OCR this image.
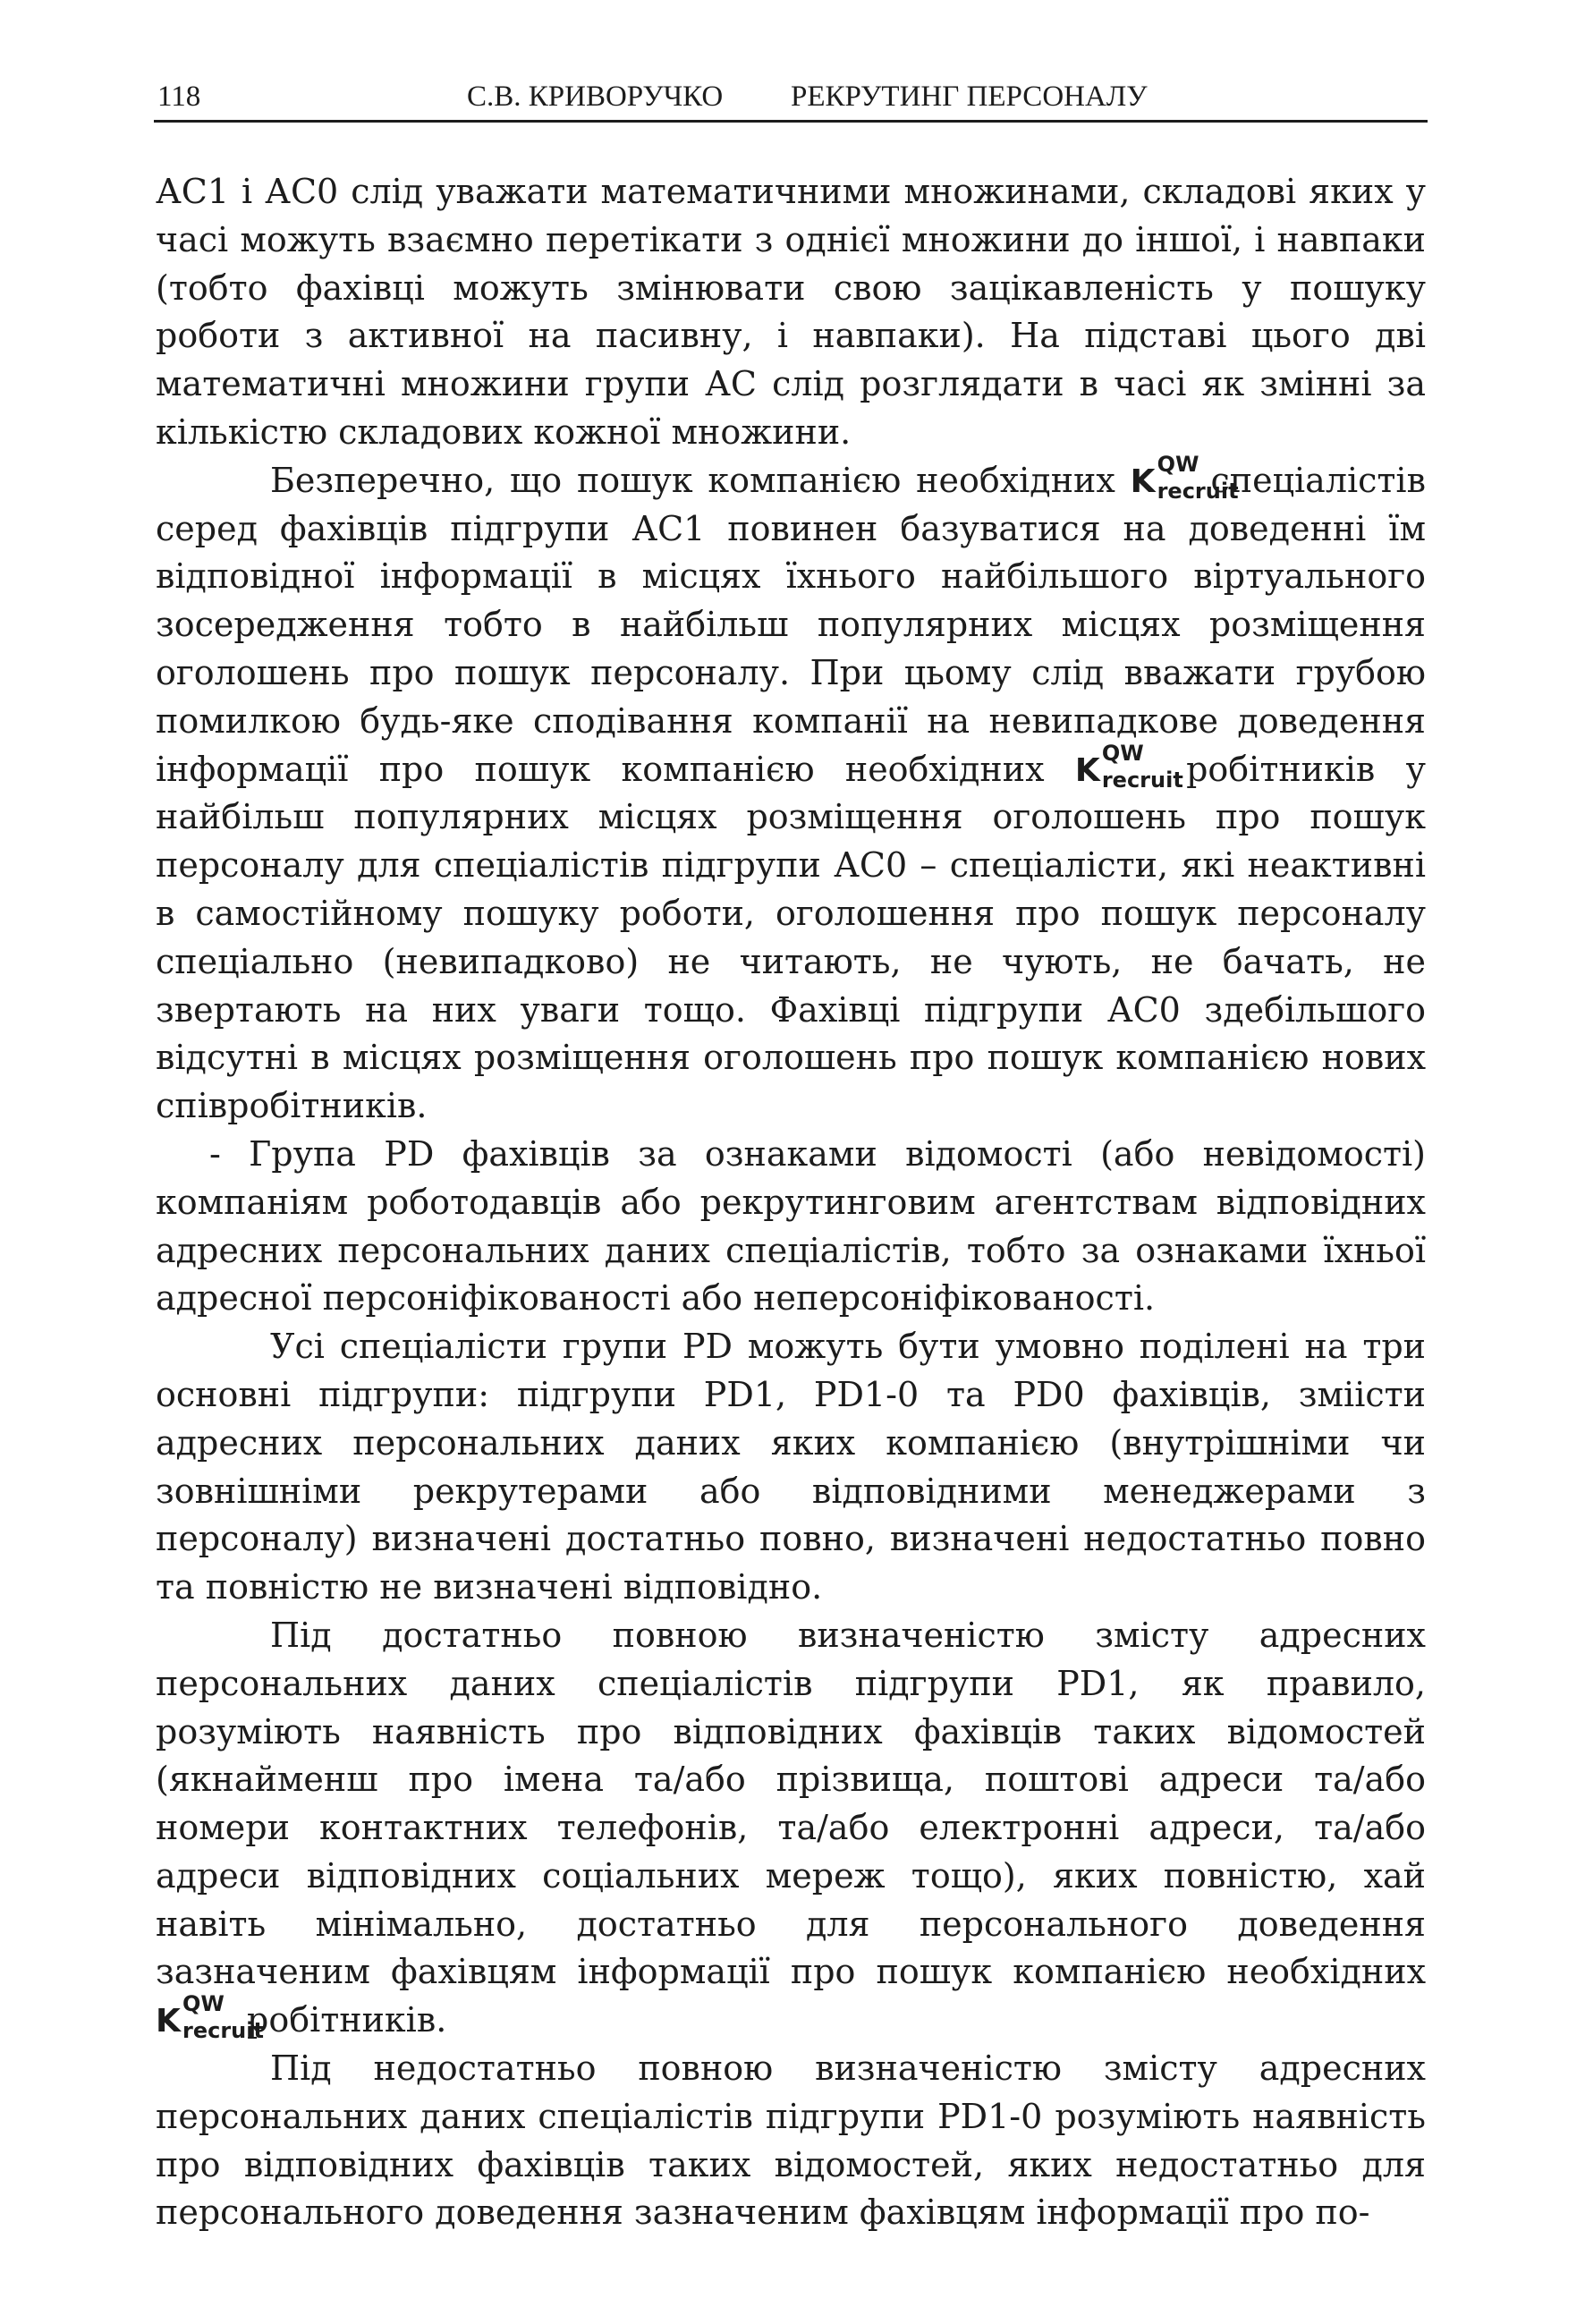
118	С.В. КРИВОРУЧКО РЕКРУТИНГ ПЕРСОНАЛУ

АС1 і АС0 слід уважати математичними множинами, складові яких у часі можуть взаємно перетікати з однієї множини до іншої, і навпаки (тобто фахівці можуть змінювати свою зацікавленість у пошуку роботи з активної на пасивну, і навпаки). На підставі цього дві математичні множини групи АС слід розглядати в часі як змінні за кількістю складових кожної множини.

Безперечно, що пошук компанією необхідних K QW
recruit
спеціалістів серед фахівців підгрупи АС1 повинен базуватися на доведенні їм відповідної інформації в місцях їхнього найбільшого віртуального зосередження тобто в найбільш популярних місцях розміщення оголошень про пошук персоналу. При цьому слід вважати грубою помилкою будь-яке сподівання компанії на невипадкове доведення інформації про пошук компанією необхідних K QW
recruit робітників у найбільш популярних місцях розміщення оголошень про пошук персоналу для спеціалістів підгрупи АС0 – спеціалісти, які неактивні в самостійному пошуку роботи, оголошення про пошук персоналу спеціально (невипадково) не читають, не чують, не бачать, не звертають на них уваги тощо. Фахівці підгрупи АС0 здебільшого відсутні в місцях розміщення оголошень про пошук компанією нових співробітників.

- Група PD фахівців за ознаками відомості (або невідомості) компаніям роботодавців або рекрутинговим агентствам відповідних адресних персональних даних спеціалістів, тобто за ознаками їхньої адресної персоніфікованості або неперсоніфікованості.

Усі спеціалісти групи PD можуть бути умовно поділені на три основні підгрупи: підгрупи PD1, PD1-0 та PD0 фахівців, зміісти адресних персональних даних яких компанією (внутрішніми чи зовнішніми рекрутерами або відповідними менеджерами з персоналу) визначені достатньо повно, визначені недостатньо повно та повністю не визначені відповідно.

Під достатньо повною визначеністю змісту адресних персональних даних спеціалістів підгрупи PD1, як правило, розуміють наявність про відповідних фахівців таких відомостей (якнайменш про імена та/або прізвища, поштові адреси та/або номери контактних телефонів, та/або електронні адреси, та/або адреси відповідних соціальних мереж тощо), яких повністю, хай навіть мінімально, достатньо для персонального доведення зазначеним фахівцям інформації про пошук компанією необхідних K QW
recruit
робітників.

Під недостатньо повною визначеністю змісту адресних персональних даних спеціалістів підгрупи PD1-0 розуміють наявність про відповідних фахівців таких відомостей, яких недостатньо для персонального доведення зазначеним фахівцям інформації про по-
